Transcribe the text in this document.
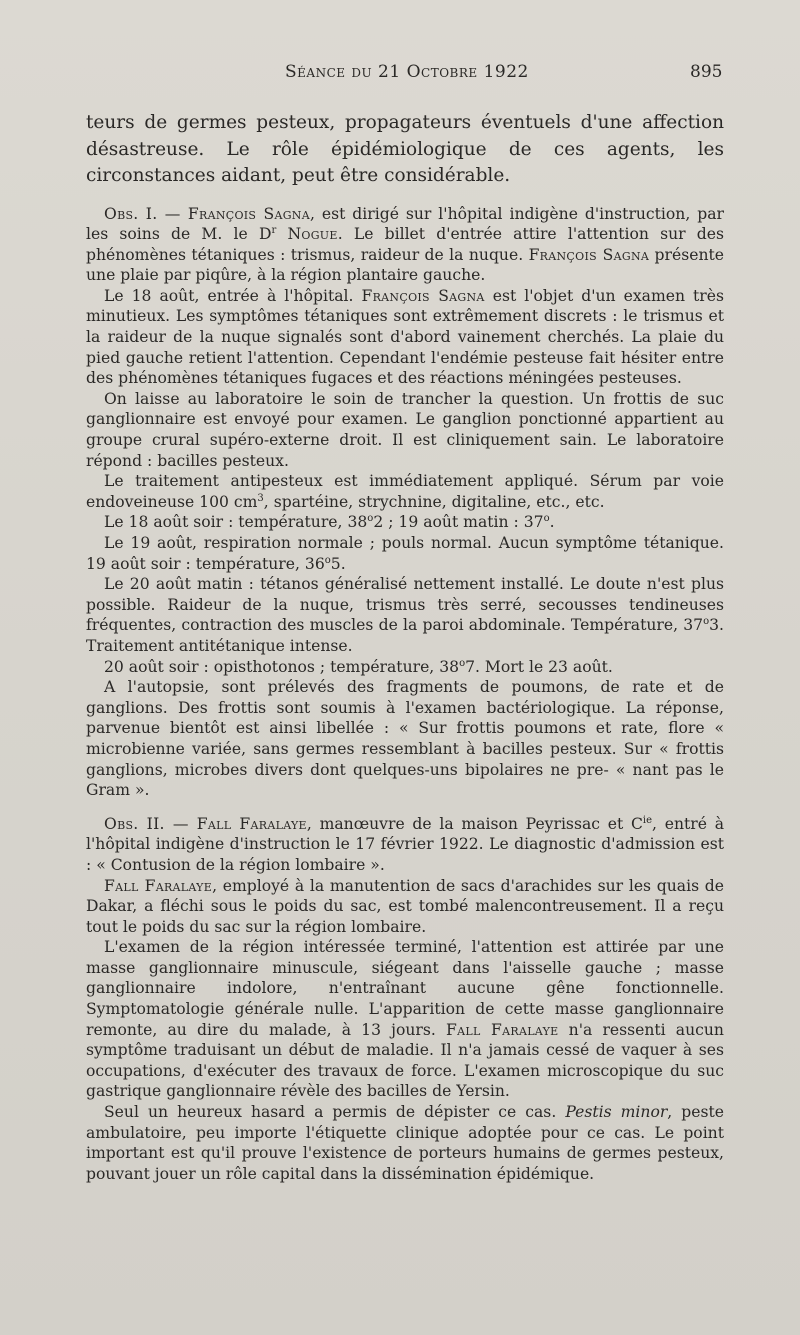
Séance du 21 Octobre 1922	895

teurs de germes pesteux, propagateurs éventuels d'une affection désastreuse. Le rôle épidémiologique de ces agents, les circonstances aidant, peut être considérable.

Obs. I. — François Sagna, est dirigé sur l'hôpital indigène d'instruction, par les soins de M. le $D^r$ Nogue. Le billet d'entrée attire l'attention sur des phénomènes tétaniques : trismus, raideur de la nuque. François Sagna présente une plaie par piqûre, à la région plantaire gauche.

Le 18 août, entrée à l'hôpital. François Sagna est l'objet d'un examen très minutieux. Les symptômes tétaniques sont extrêmement discrets : le trismus et la raideur de la nuque signalés sont d'abord vainement cherchés. La plaie du pied gauche retient l'attention. Cependant l'endémie pesteuse fait hésiter entre des phénomènes tétaniques fugaces et des réactions méningées pesteuses.

On laisse au laboratoire le soin de trancher la question. Un frottis de suc ganglionnaire est envoyé pour examen. Le ganglion ponctionné appartient au groupe crural supéro-externe droit. Il est cliniquement sain. Le laboratoire répond : bacilles pesteux.

Le traitement antipesteux est immédiatement appliqué. Sérum par voie endoveineuse 100 $cm^3$, spartéine, strychnine, digitaline, etc., etc.

Le 18 août soir : température, 38$^o$2 ; 19 août matin : 37$^o$.

Le 19 août, respiration normale ; pouls normal. Aucun symptôme tétanique. 19 août soir : température, 36$^o$5.

Le 20 août matin : tétanos généralisé nettement installé. Le doute n'est plus possible. Raideur de la nuque, trismus très serré, secousses tendineuses fréquentes, contraction des muscles de la paroi abdominale. Température, 37$^o$3. Traitement antitétanique intense.

20 août soir : opisthotonos ; température, 38$^o$7. Mort le 23 août.

A l'autopsie, sont prélevés des fragments de poumons, de rate et de ganglions. Des frottis sont soumis à l'examen bactériologique. La réponse, parvenue bientôt est ainsi libellée : « Sur frottis poumons et rate, flore « microbienne variée, sans germes ressemblant à bacilles pesteux. Sur « frottis ganglions, microbes divers dont quelques-uns bipolaires ne pre- « nant pas le Gram ».

Obs. II. — Fall Faralaye, manœuvre de la maison Peyrissac et $C^{ie}$, entré à l'hôpital indigène d'instruction le 17 février 1922. Le diagnostic d'admission est : « Contusion de la région lombaire ».

Fall Faralaye, employé à la manutention de sacs d'arachides sur les quais de Dakar, a fléchi sous le poids du sac, est tombé malencontreusement. Il a reçu tout le poids du sac sur la région lombaire.

L'examen de la région intéressée terminé, l'attention est attirée par une masse ganglionnaire minuscule, siégeant dans l'aisselle gauche ; masse ganglionnaire indolore, n'entraînant aucune gêne fonctionnelle. Symptomatologie générale nulle. L'apparition de cette masse ganglionnaire remonte, au dire du malade, à 13 jours. Fall Faralaye n'a ressenti aucun symptôme traduisant un début de maladie. Il n'a jamais cessé de vaquer à ses occupations, d'exécuter des travaux de force. L'examen microscopique du suc gastrique ganglionnaire révèle des bacilles de Yersin.

Seul un heureux hasard a permis de dépister ce cas. Pestis minor, peste ambulatoire, peu importe l'étiquette clinique adoptée pour ce cas. Le point important est qu'il prouve l'existence de porteurs humains de germes pesteux, pouvant jouer un rôle capital dans la dissémination épidémique.
